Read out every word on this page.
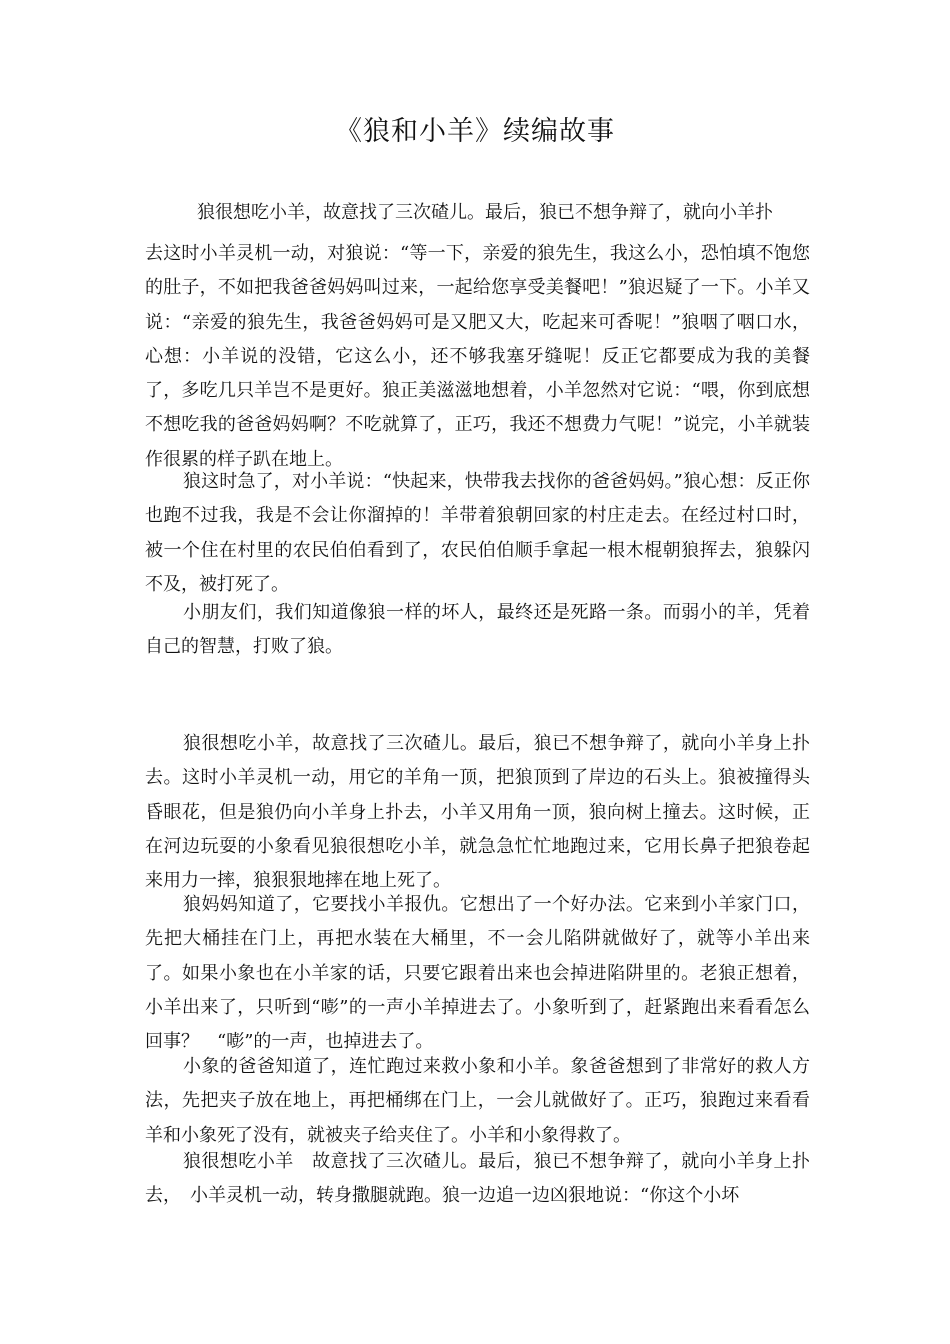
《狼和小羊》续编故事

狼很想吃小羊，故意找了三次碴儿。最后，狼已不想争辩了，就向小羊扑

去这时小羊灵机一动，对狼说：“等一下，亲爱的狼先生，我这么小，恐怕填不饱您的肚子，不如把我爸爸妈妈叫过来，一起给您享受美餐吧！”狼迟疑了一下。小羊又说：“亲爱的狼先生，我爸爸妈妈可是又肥又大，吃起来可香呢！”狼咽了咽口水，心想：小羊说的没错，它这么小，还不够我塞牙缝呢！反正它都要成为我的美餐了，多吃几只羊岂不是更好。狼正美滋滋地想着，小羊忽然对它说：“喂，你到底想不想吃我的爸爸妈妈啊？不吃就算了，正巧，我还不想费力气呢！”说完，小羊就装作很累的样子趴在地上。

狼这时急了，对小羊说：“快起来，快带我去找你的爸爸妈妈。”狼心想：反正你也跑不过我，我是不会让你溜掉的！羊带着狼朝回家的村庄走去。在经过村口时，被一个住在村里的农民伯伯看到了，农民伯伯顺手拿起一根木棍朝狼挥去，狼躲闪不及，被打死了。

小朋友们，我们知道像狼一样的坏人，最终还是死路一条。而弱小的羊，凭着自己的智慧，打败了狼。

狼很想吃小羊，故意找了三次碴儿。最后，狼已不想争辩了，就向小羊身上扑去。这时小羊灵机一动，用它的羊角一顶，把狼顶到了岸边的石头上。狼被撞得头昏眼花，但是狼仍向小羊身上扑去，小羊又用角一顶，狼向树上撞去。这时候，正在河边玩耍的小象看见狼很想吃小羊，就急急忙忙地跑过来，它用长鼻子把狼卷起来用力一摔，狼狠狠地摔在地上死了。

狼妈妈知道了，它要找小羊报仇。它想出了一个好办法。它来到小羊家门口，先把大桶挂在门上，再把水装在大桶里，不一会儿陷阱就做好了，就等小羊出来了。如果小象也在小羊家的话，只要它跟着出来也会掉进陷阱里的。老狼正想着，小羊出来了，只听到“嘭”的一声小羊掉进去了。小象听到了，赶紧跑出来看看怎么回事？　“嘭”的一声，也掉进去了。

小象的爸爸知道了，连忙跑过来救小象和小羊。象爸爸想到了非常好的救人方法，先把夹子放在地上，再把桶绑在门上，一会儿就做好了。正巧，狼跑过来看看羊和小象死了没有，就被夹子给夹住了。小羊和小象得救了。

狼很想吃小羊　故意找了三次碴儿。最后，狼已不想争辩了，就向小羊身上扑去，　小羊灵机一动，转身撒腿就跑。狼一边追一边凶狠地说：“你这个小坏
